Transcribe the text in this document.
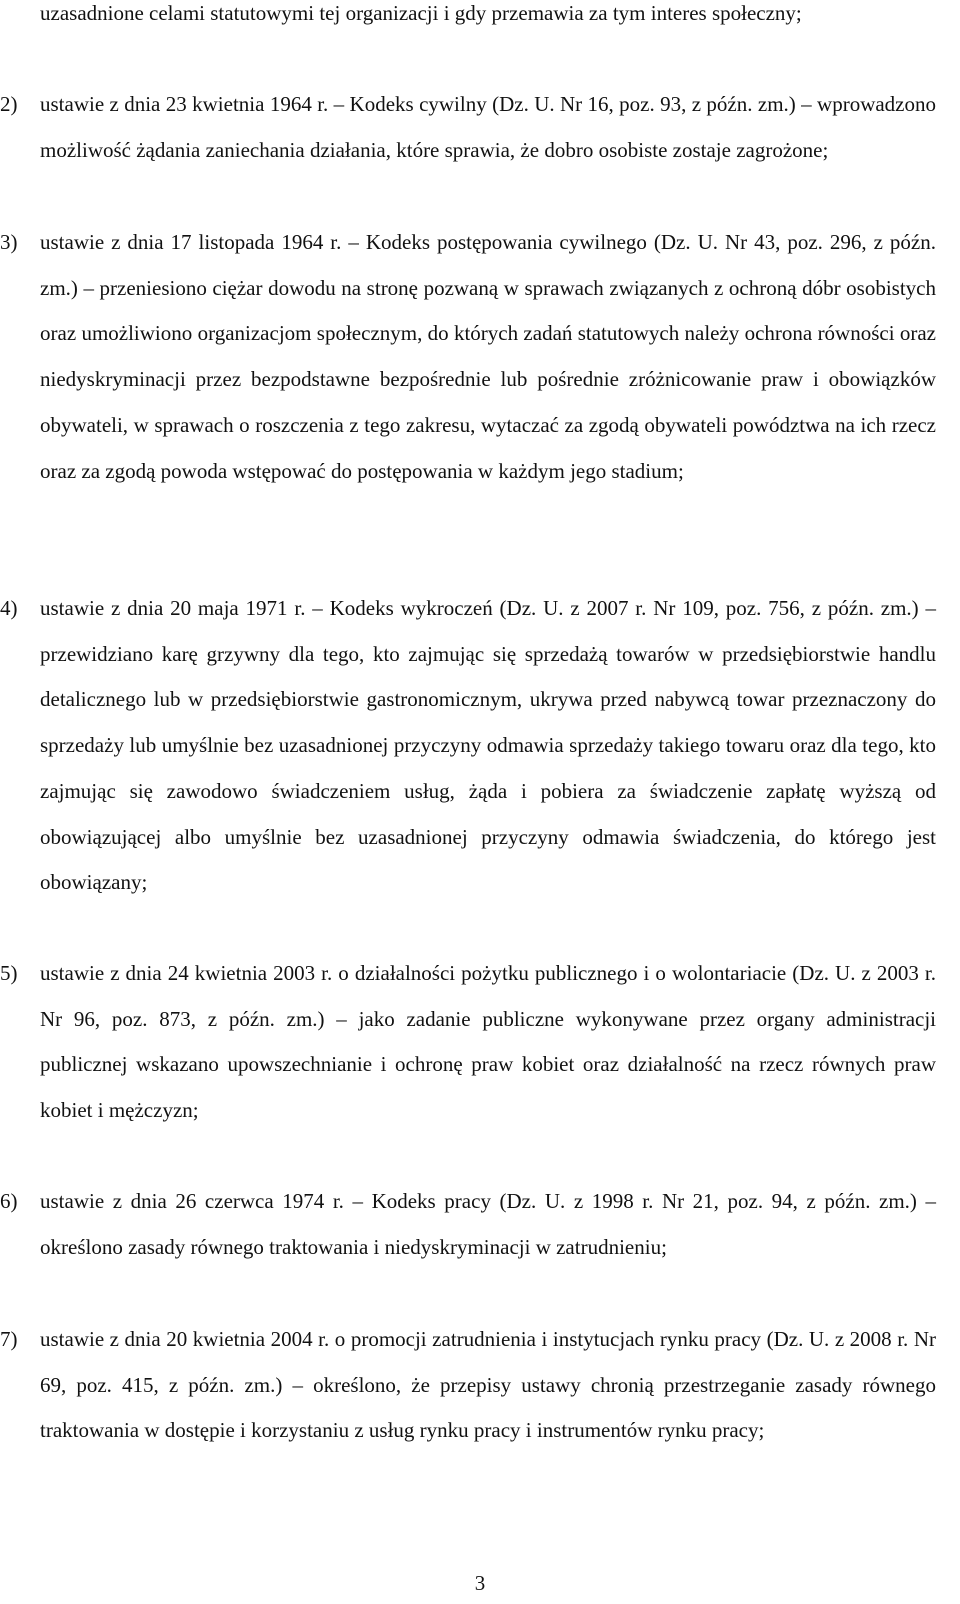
uzasadnione celami statutowymi tej organizacji i gdy przemawia za tym interes społeczny;

2)	ustawie z dnia 23 kwietnia 1964 r. – Kodeks cywilny (Dz. U. Nr 16, poz. 93, z późn. zm.) – wprowadzono możliwość żądania zaniechania działania, które sprawia, że dobro osobiste zostaje zagrożone;

3)	ustawie z dnia 17 listopada 1964 r. – Kodeks postępowania cywilnego (Dz. U. Nr 43, poz. 296, z późn. zm.) – przeniesiono ciężar dowodu na stronę pozwaną w sprawach związanych z ochroną dóbr osobistych oraz umożliwiono organizacjom społecznym, do których zadań statutowych należy ochrona równości oraz niedyskryminacji przez bezpodstawne bezpośrednie lub pośrednie zróżnicowanie praw i obowiązków obywateli, w sprawach o roszczenia z tego zakresu, wytaczać za zgodą obywateli powództwa na ich rzecz oraz za zgodą powoda wstępować do postępowania w każdym jego stadium;

4)	ustawie z dnia 20 maja 1971 r. – Kodeks wykroczeń (Dz. U. z 2007 r. Nr 109, poz. 756, z późn. zm.) – przewidziano karę grzywny dla tego, kto zajmując się sprzedażą towarów w przedsiębiorstwie handlu detalicznego lub w przedsiębiorstwie gastronomicznym, ukrywa przed nabywcą towar przeznaczony do sprzedaży lub umyślnie bez uzasadnionej przyczyny odmawia sprzedaży takiego towaru oraz dla tego, kto zajmując się zawodowo świadczeniem usług, żąda i pobiera za świadczenie zapłatę wyższą od obowiązującej albo umyślnie bez uzasadnionej przyczyny odmawia świadczenia, do którego jest obowiązany;

5)	ustawie z dnia 24 kwietnia 2003 r. o działalności pożytku publicznego i o wolontariacie (Dz. U. z 2003 r. Nr 96, poz. 873, z późn. zm.) – jako zadanie publiczne wykonywane przez organy administracji publicznej wskazano upowszechnianie i ochronę praw kobiet oraz działalność na rzecz równych praw kobiet i mężczyzn;

6)	ustawie z dnia 26 czerwca 1974 r. – Kodeks pracy (Dz. U. z 1998 r. Nr 21, poz. 94, z późn. zm.) – określono zasady równego traktowania i niedyskryminacji w zatrudnieniu;

7)	ustawie z dnia 20 kwietnia 2004 r. o promocji zatrudnienia i instytucjach rynku pracy (Dz. U. z 2008 r. Nr 69, poz. 415, z późn. zm.) – określono, że przepisy ustawy chronią przestrzeganie zasady równego traktowania w dostępie i korzystaniu z usług rynku pracy i instrumentów rynku pracy;

3
